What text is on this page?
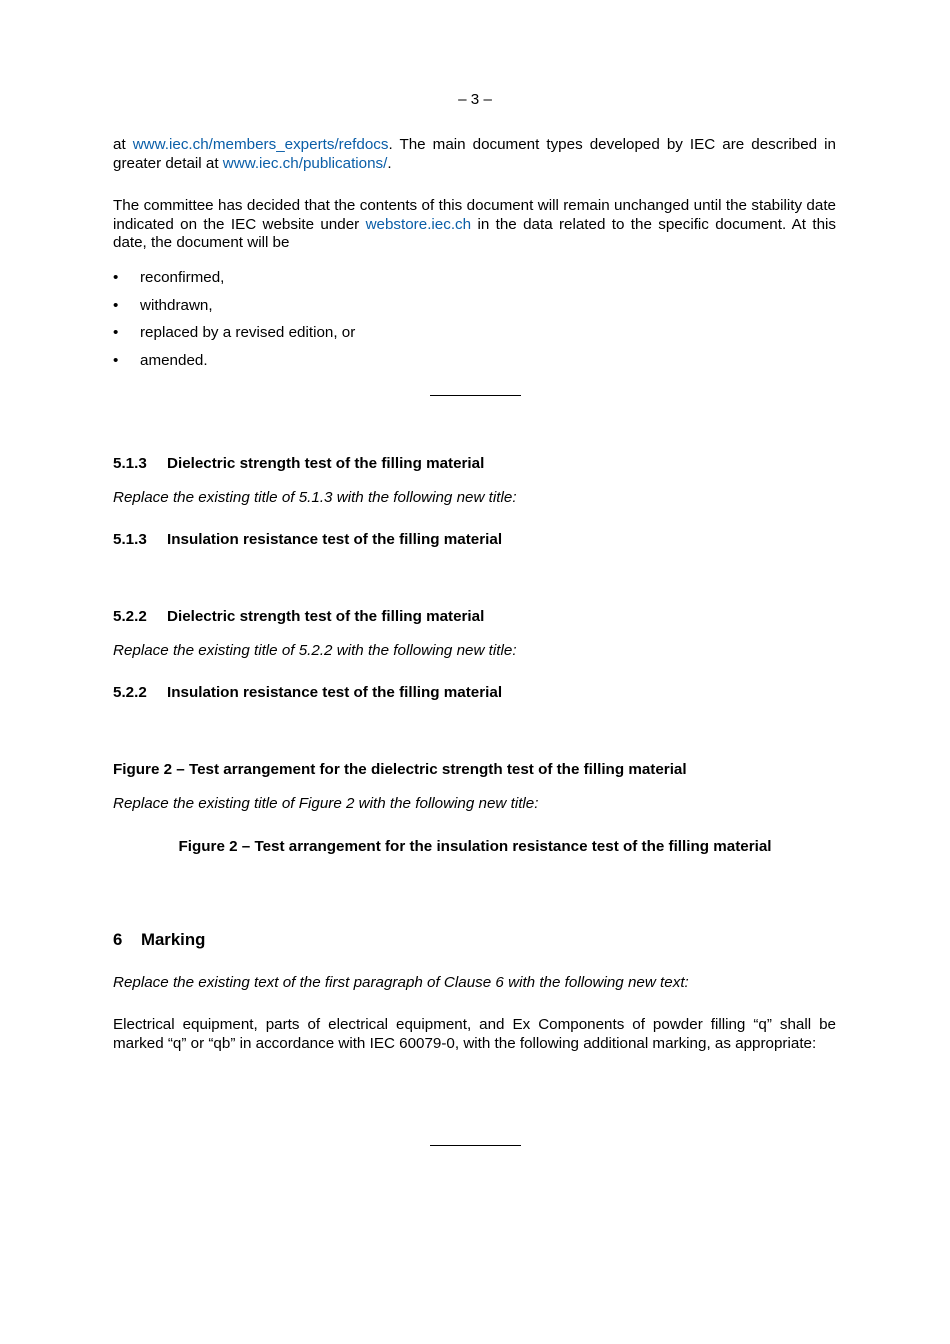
– 3 –

at www.iec.ch/members_experts/refdocs. The main document types developed by IEC are described in greater detail at www.iec.ch/publications/.

The committee has decided that the contents of this document will remain unchanged until the stability date indicated on the IEC website under webstore.iec.ch in the data related to the specific document. At this date, the document will be

• reconfirmed,
• withdrawn,
• replaced by a revised edition, or
• amended.
5.1.3 Dielectric strength test of the filling material
Replace the existing title of 5.1.3 with the following new title:
5.1.3 Insulation resistance test of the filling material
5.2.2 Dielectric strength test of the filling material
Replace the existing title of 5.2.2 with the following new title:
5.2.2 Insulation resistance test of the filling material
Figure 2 – Test arrangement for the dielectric strength test of the filling material
Replace the existing title of Figure 2 with the following new title:
Figure 2 – Test arrangement for the insulation resistance test of the filling material
6 Marking
Replace the existing text of the first paragraph of Clause 6 with the following new text:

Electrical equipment, parts of electrical equipment, and Ex Components of powder filling “q” shall be marked “q” or “qb” in accordance with IEC 60079-0, with the following additional marking, as appropriate:
